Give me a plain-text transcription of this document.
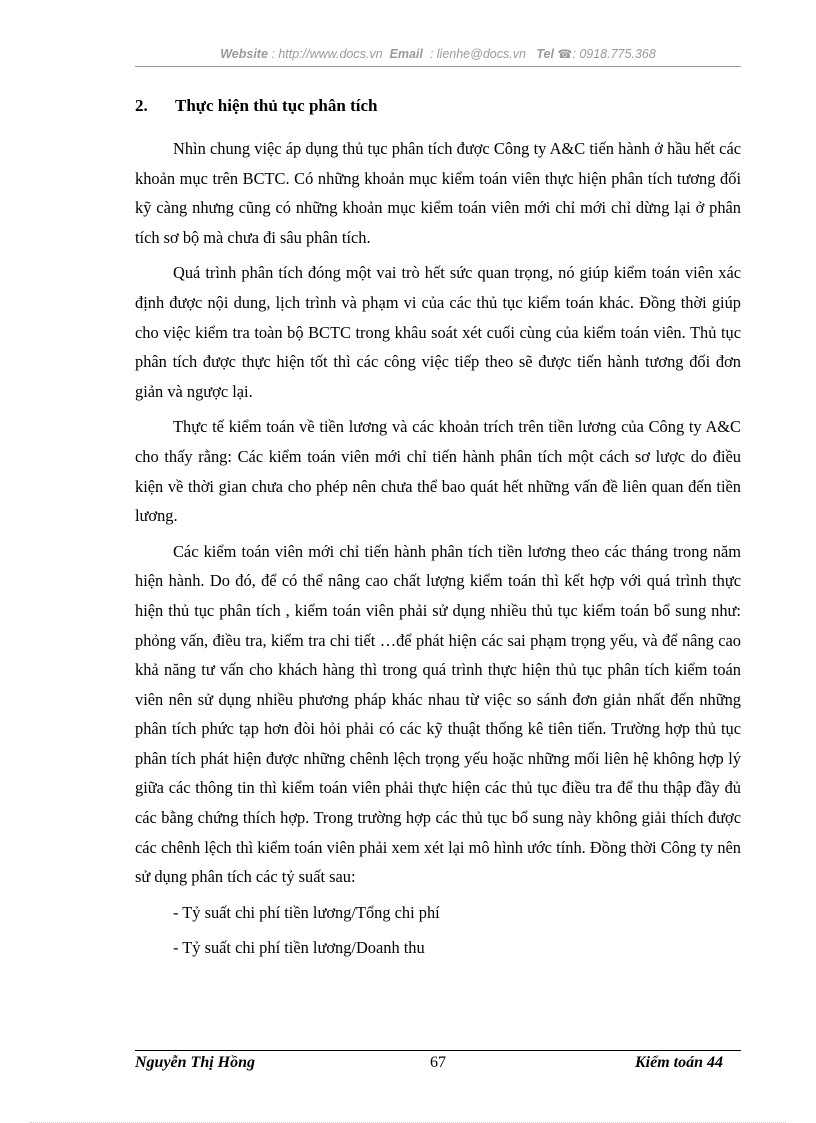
Website : http://www.docs.vn Email : lienhe@docs.vn Tel ☎: 0918.775.368
2. Thực hiện thủ tục phân tích

Nhìn chung việc áp dụng thủ tục phân tích được Công ty A&C tiến hành ở hầu hết các khoản mục trên BCTC. Có những khoản mục kiểm toán viên thực hiện phân tích tương đối kỹ càng nhưng cũng có những khoản mục kiểm toán viên mới chỉ mới chỉ dừng lại ở phân tích sơ bộ mà chưa đi sâu phân tích.

Quá trình phân tích đóng một vai trò hết sức quan trọng, nó giúp kiểm toán viên xác định được nội dung, lịch trình và phạm vi của các thủ tục kiểm toán khác. Đồng thời giúp cho việc kiểm tra toàn bộ BCTC trong khâu soát xét cuối cùng của kiểm toán viên. Thủ tục phân tích được thực hiện tốt thì các công việc tiếp theo sẽ được tiến hành tương đối đơn giản và ngược lại.

Thực tế kiểm toán về tiền lương và các khoản trích trên tiền lương của Công ty A&C cho thấy rằng: Các kiểm toán viên mới chỉ tiến hành phân tích một cách sơ lược do điều kiện về thời gian chưa cho phép nên chưa thể bao quát hết những vấn đề liên quan đến tiền lương.

Các kiểm toán viên mới chỉ tiến hành phân tích tiền lương theo các tháng trong năm hiện hành. Do đó, để có thể nâng cao chất lượng kiểm toán thì kết hợp với quá trình thực hiện thủ tục phân tích , kiểm toán viên phải sử dụng nhiều thủ tục kiểm toán bổ sung như: phỏng vấn, điều tra, kiểm tra chi tiết …để phát hiện các sai phạm trọng yếu, và để nâng cao khả năng tư vấn cho khách hàng thì trong quá trình thực hiện thủ tục phân tích kiểm toán viên nên sử dụng nhiều phương pháp khác nhau từ việc so sánh đơn giản nhất đến những phân tích phức tạp hơn đòi hỏi phải có các kỹ thuật thống kê tiên tiến. Trường hợp thủ tục phân tích phát hiện được những chênh lệch trọng yếu hoặc những mối liên hệ không hợp lý giữa các thông tin thì kiểm toán viên phải thực hiện các thủ tục điều tra để thu thập đầy đủ các bằng chứng thích hợp. Trong trường hợp các thủ tục bổ sung này không giải thích được các chênh lệch thì kiểm toán viên phải xem xét lại mô hình ước tính. Đồng thời Công ty nên sử dụng phân tích các tỷ suất sau:

- Tỷ suất chi phí tiền lương/Tổng chi phí
- Tỷ suất chi phí tiền lương/Doanh thu
Nguyễn Thị Hồng	67	Kiểm toán 44
